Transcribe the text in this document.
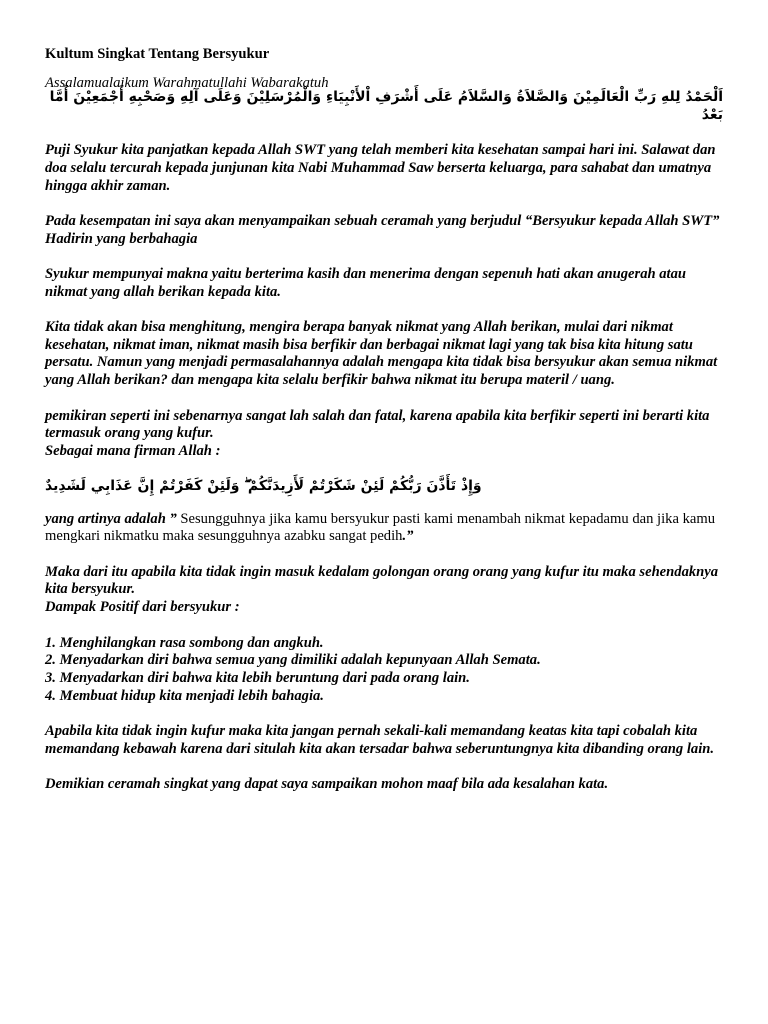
Kultum Singkat Tentang Bersyukur

Assalamualaikum Warahmatullahi Wabarakatuh

اَلْحَمْدُ لِلهِ رَبِّ الْعَالَمِيْنَ وَالصَّلاَةُ وَالسَّلاَمُ عَلَى أَشْرَفِ اْلأَنْبِيَاءِ وَالْمُرْسَلِيْنَ وَعَلَى آلِهِ وَصَحْبِهِ أَجْمَعِيْنَ أَمَّا بَعْدُ

Puji Syukur kita panjatkan kepada Allah SWT yang telah memberi kita kesehatan sampai hari ini. Salawat dan doa selalu tercurah kepada junjunan kita Nabi Muhammad Saw berserta keluarga, para sahabat dan umatnya hingga akhir zaman.

Pada kesempatan ini saya akan menyampaikan sebuah ceramah yang berjudul “Bersyukur kepada Allah SWT”

Hadirin yang berbahagia

Syukur mempunyai makna yaitu berterima kasih dan menerima dengan sepenuh hati akan anugerah atau nikmat yang allah berikan kepada kita.

Kita tidak akan bisa menghitung, mengira berapa banyak nikmat yang Allah berikan, mulai dari nikmat kesehatan, nikmat iman, nikmat masih bisa berfikir dan berbagai nikmat lagi yang tak bisa kita hitung satu persatu. Namun yang menjadi permasalahannya adalah mengapa kita tidak bisa bersyukur akan semua nikmat yang Allah berikan? dan mengapa kita selalu berfikir bahwa nikmat itu berupa materil / uang.

pemikiran seperti ini sebenarnya sangat lah salah dan fatal, karena apabila kita berfikir seperti ini berarti kita termasuk orang yang kufur.

Sebagai mana firman Allah :

وَإِذْ تَأَذَّنَ رَبُّكُمْ لَئِنْ شَكَرْتُمْ لَأَزِيدَنَّكُمْ ۖ وَلَئِنْ كَفَرْتُمْ إِنَّ عَذَابِي لَشَدِيدٌ

yang artinya adalah ” Sesungguhnya jika kamu bersyukur pasti kami menambah nikmat kepadamu dan jika kamu mengkari nikmatku maka sesungguhnya azabku sangat pedih.”

Maka dari itu apabila kita tidak ingin masuk kedalam golongan orang orang yang kufur itu maka sehendaknya kita bersyukur.

Dampak Positif dari bersyukur :

1. Menghilangkan rasa sombong dan angkuh.

2. Menyadarkan diri bahwa semua yang dimiliki adalah kepunyaan Allah Semata.

3. Menyadarkan diri bahwa kita lebih beruntung dari pada orang lain.

4. Membuat hidup kita menjadi lebih bahagia.

Apabila kita tidak ingin kufur maka kita jangan pernah sekali-kali memandang keatas kita tapi cobalah kita memandang kebawah karena dari situlah kita akan tersadar bahwa seberuntungnya kita dibanding orang lain.

Demikian ceramah singkat yang dapat saya sampaikan mohon maaf bila ada kesalahan kata.
